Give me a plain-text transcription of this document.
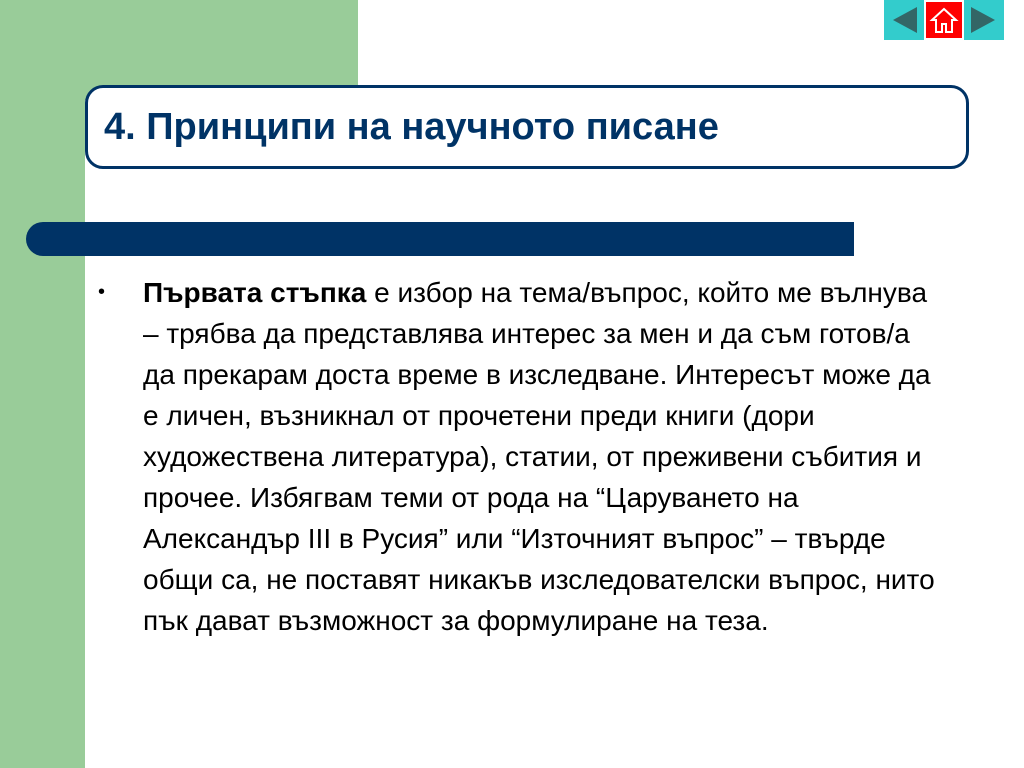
4. Принципи на научното писане
•	Първата стъпка е избор на тема/въпрос, който ме вълнува – трябва да представлява интерес за мен и да съм готов/а да прекарам доста време в изследване. Интересът може да е личен, възникнал от прочетени преди книги (дори художествена литература), статии, от преживени събития и прочее. Избягвам теми от рода на “Царуването на Александър III в Русия” или “Източният въпрос” – твърде общи са, не поставят никакъв изследователски въпрос, нито пък дават възможност за формулиране на теза.
